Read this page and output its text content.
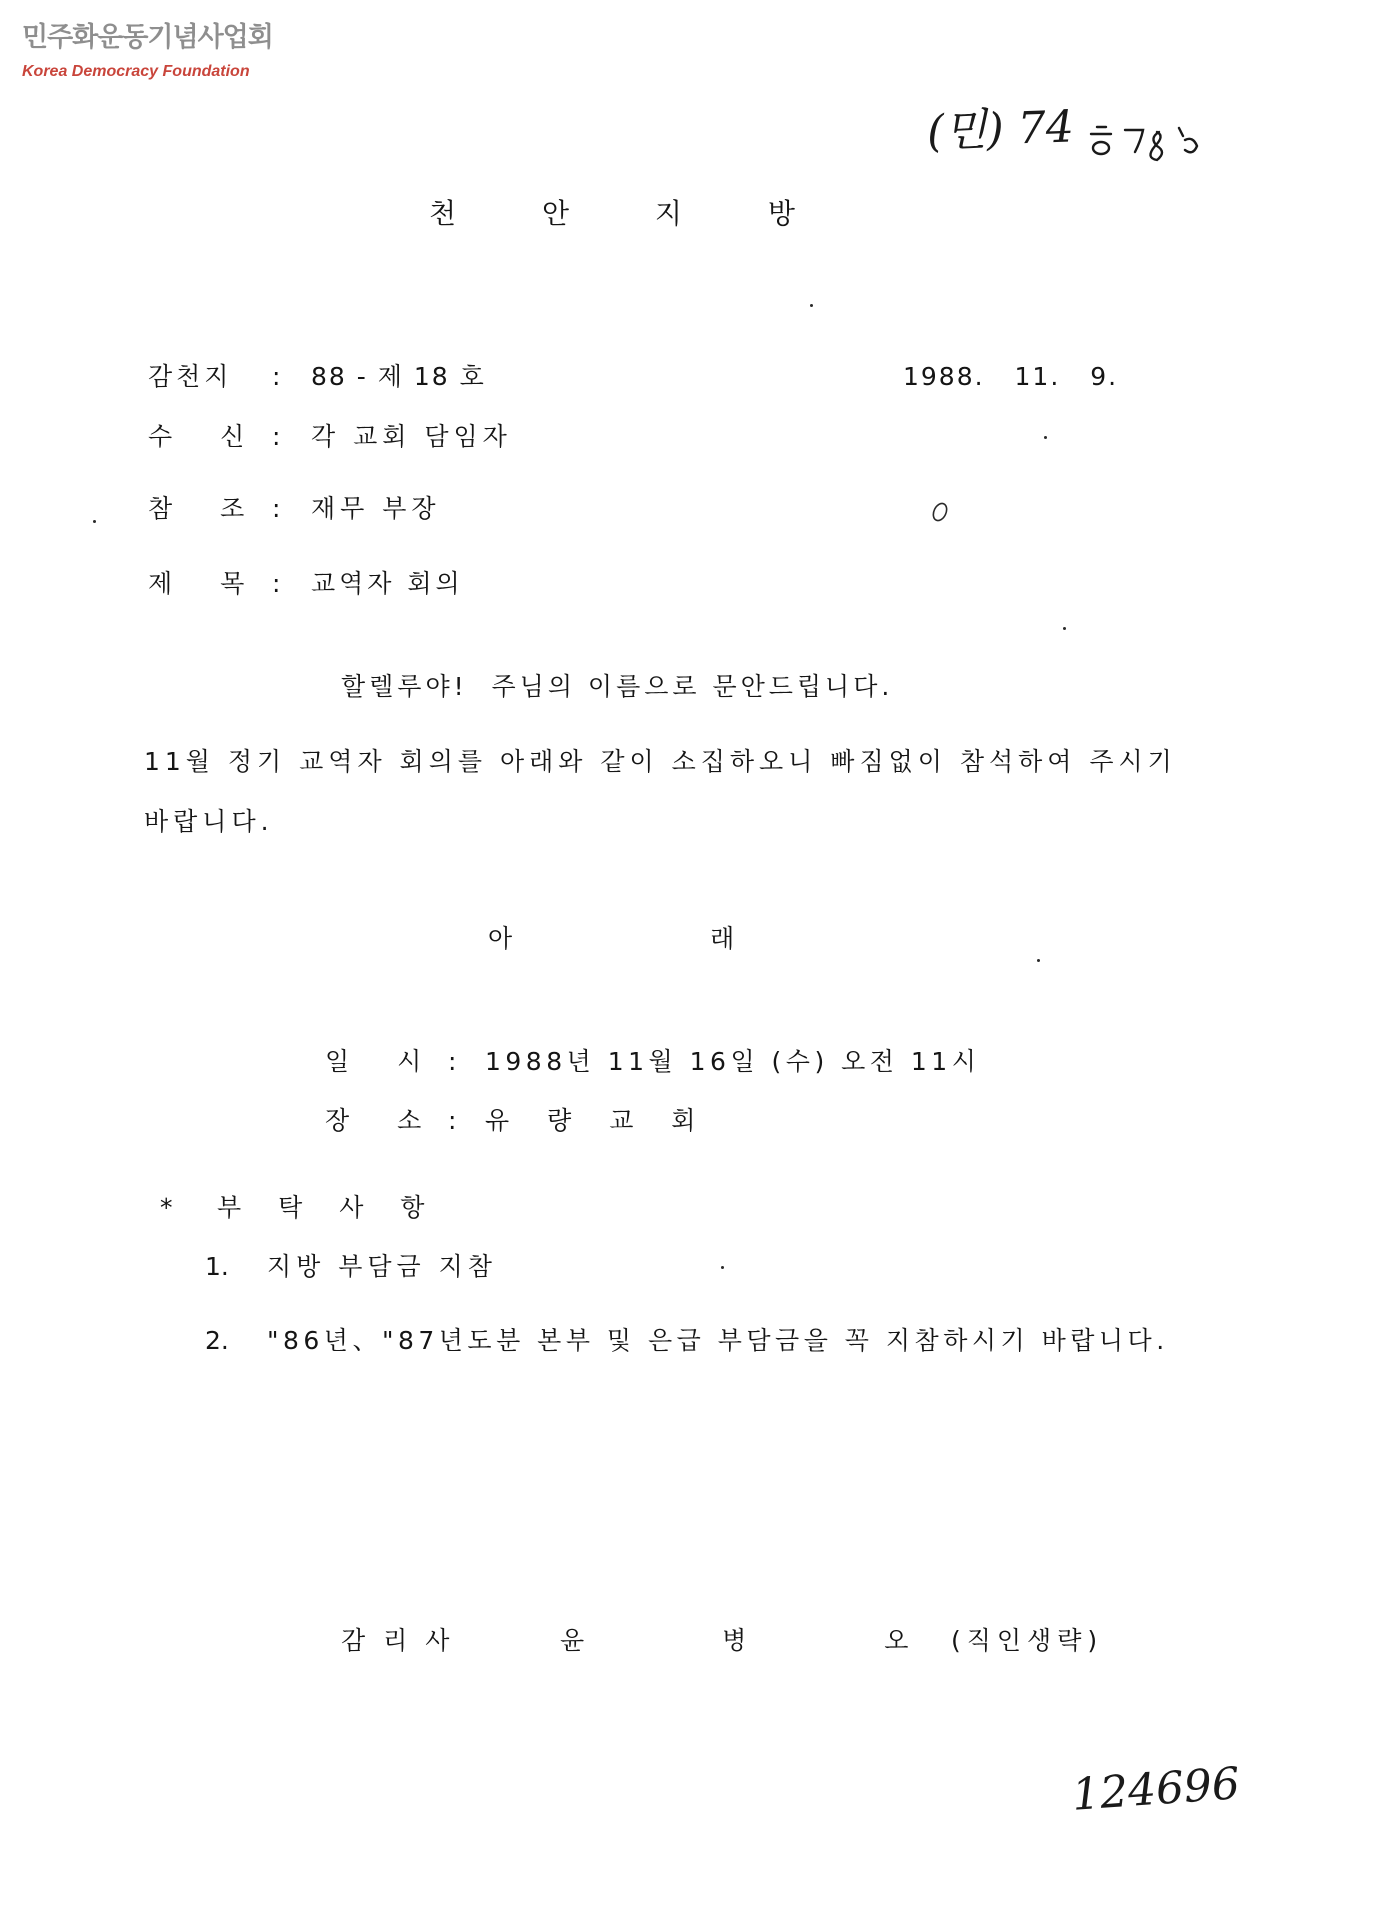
민주화운동기념사업회
Korea Democracy Foundation
(민) 74
천 안 지 방
감천지 : 88 - 제 18 호	1988. 11. 9.
수 신 : 각 교회 담임자
참 조 : 재무 부장
제 목 : 교역자 회의
할렐루야!  주님의 이름으로 문안드립니다.
11월 정기 교역자 회의를 아래와 같이 소집하오니 빠짐없이 참석하여 주시기
바랍니다.
아 래
일 시 : 1988년 11월 16일 (수) 오전 11시
장 소 : 유 량 교 회
* 부 탁 사 항
1. 지방 부담금 지참
2. "86년、"87년도분 본부 및 은급 부담금을 꼭 지참하시기 바랍니다.
감리사	윤 병 오 (직인생략)
124696
